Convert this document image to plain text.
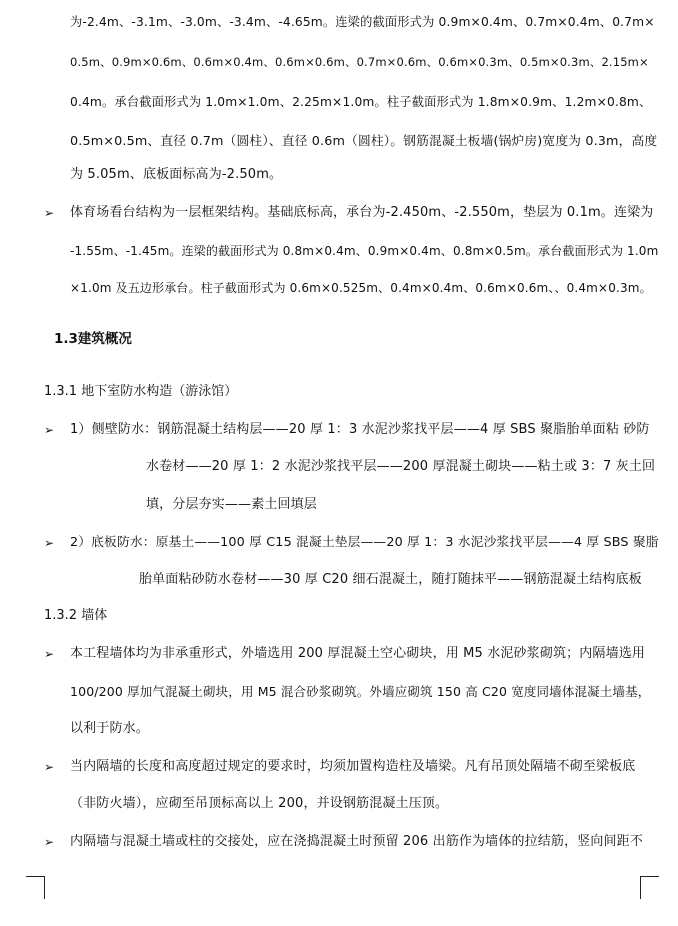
为-2.4m、-3.1m、-3.0m、-3.4m、-4.65m。连梁的截面形式为 0.9m×0.4m、0.7m×0.4m、0.7m×
0.5m、0.9m×0.6m、0.6m×0.4m、0.6m×0.6m、0.7m×0.6m、0.6m×0.3m、0.5m×0.3m、2.15m×
0.4m。承台截面形式为 1.0m×1.0m、2.25m×1.0m。柱子截面形式为 1.8m×0.9m、1.2m×0.8m、
0.5m×0.5m、直径 0.7m（圆柱）、直径 0.6m（圆柱）。钢筋混凝土板墙(锅炉房)宽度为 0.3m，高度
为 5.05m、底板面标高为-2.50m。
➢ 体育场看台结构为一层框架结构。基础底标高，承台为-2.450m、-2.550m，垫层为 0.1m。连梁为
-1.55m、-1.45m。连梁的截面形式为 0.8m×0.4m、0.9m×0.4m、0.8m×0.5m。承台截面形式为 1.0m
×1.0m 及五边形承台。柱子截面形式为 0.6m×0.525m、0.4m×0.4m、0.6m×0.6m、、0.4m×0.3m。
1.3建筑概况
1.3.1 地下室防水构造（游泳馆）
➢ 1）侧壁防水：钢筋混凝土结构层——20 厚 1：3 水泥沙浆找平层——4 厚 SBS 聚脂胎单面粘 砂防
水卷材——20 厚 1：2 水泥沙浆找平层——200 厚混凝土砌块——粘土或 3：7 灰土回
填，分层夯实——素土回填层
➢ 2）底板防水：原基土——100 厚 C15 混凝土垫层——20 厚 1：3 水泥沙浆找平层——4 厚 SBS 聚脂
胎单面粘砂防水卷材——30 厚 C20 细石混凝土，随打随抹平——钢筋混凝土结构底板
1.3.2 墙体
➢ 本工程墙体均为非承重形式，外墙选用 200 厚混凝土空心砌块，用 M5 水泥砂浆砌筑；内隔墙选用
100/200 厚加气混凝土砌块，用 M5 混合砂浆砌筑。外墙应砌筑 150 高 C20 宽度同墙体混凝土墙基，
以利于防水。
➢ 当内隔墙的长度和高度超过规定的要求时，均须加置构造柱及墙梁。凡有吊顶处隔墙不砌至梁板底
（非防火墙），应砌至吊顶标高以上 200，并设钢筋混凝土压顶。
➢ 内隔墙与混凝土墙或柱的交接处，应在浇捣混凝土时预留 206 出筋作为墙体的拉结筋，竖向间距不
